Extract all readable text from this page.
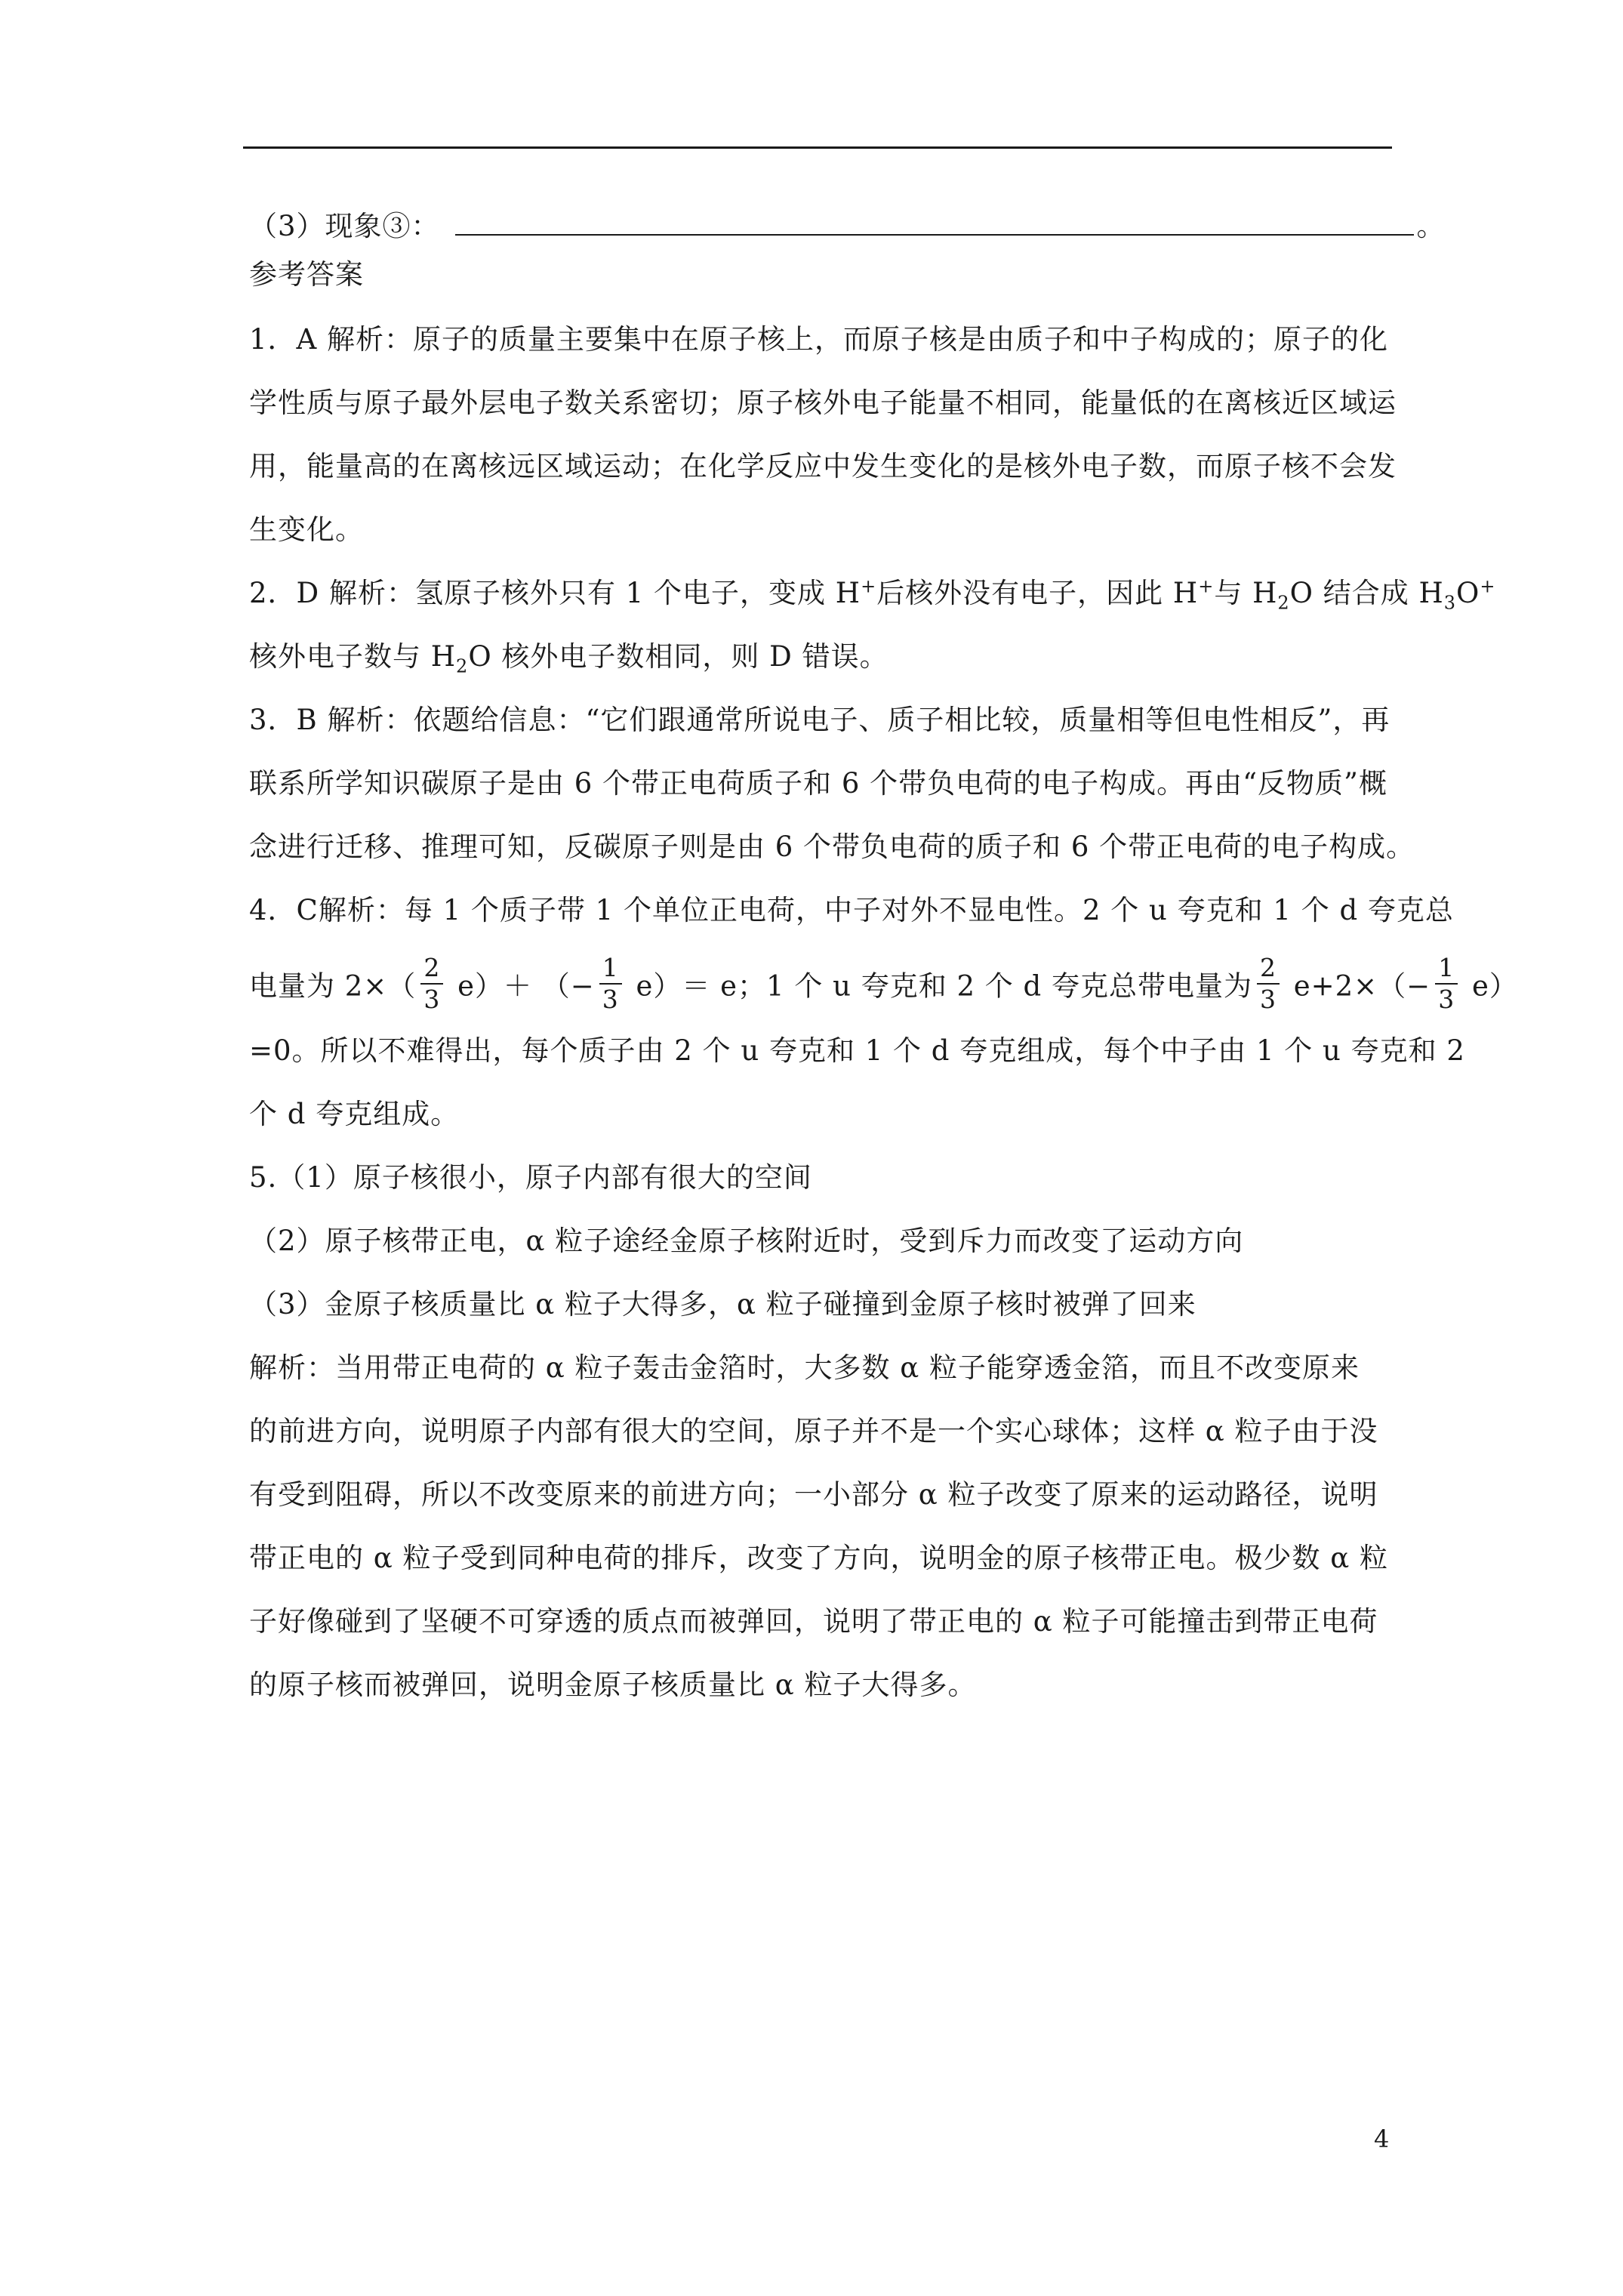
（3）现象③：	。
参考答案
1．A 解析：原子的质量主要集中在原子核上，而原子核是由质子和中子构成的；原子的化
学性质与原子最外层电子数关系密切；原子核外电子能量不相同，能量低的在离核近区域运
用，能量高的在离核远区域运动；在化学反应中发生变化的是核外电子数，而原子核不会发
生变化。
2．D 解析：氢原子核外只有 1 个电子，变成 H+后核外没有电子，因此 H+与 $H_2O$ 结合成 $H_3O^+$
核外电子数与 $H_2O$ 核外电子数相同，则 D 错误。
3．B 解析：依题给信息：“它们跟通常所说电子、质子相比较，质量相等但电性相反”，再
联系所学知识碳原子是由 6 个带正电荷质子和 6 个带负电荷的电子构成。再由“反物质”概
念进行迁移、推理可知，反碳原子则是由 6 个带负电荷的质子和 6 个带正电荷的电子构成。
4．C解析：每 1 个质子带 1 个单位正电荷，中子对外不显电性。2 个 u 夸克和 1 个 d 夸克总
电量为 $2\times( \frac{2}{3} e)+$ （− $\frac{1}{3} e)= e$；1 个 u 夸克和 2 个 d 夸克总带电量为 $\frac{2}{3} e+2\times(- \frac{1}{3} e)$
=0。所以不难得出，每个质子由 2 个 u 夸克和 1 个 d 夸克组成，每个中子由 1 个 u 夸克和 2
个 d 夸克组成。
5.（1）原子核很小，原子内部有很大的空间
（2）原子核带正电，α 粒子途经金原子核附近时，受到斥力而改变了运动方向
（3）金原子核质量比 α 粒子大得多，α 粒子碰撞到金原子核时被弹了回来
解析：当用带正电荷的 α 粒子轰击金箔时，大多数 α 粒子能穿透金箔，而且不改变原来
的前进方向，说明原子内部有很大的空间，原子并不是一个实心球体；这样 α 粒子由于没
有受到阻碍，所以不改变原来的前进方向；一小部分 α 粒子改变了原来的运动路径，说明
带正电的 α 粒子受到同种电荷的排斥，改变了方向，说明金的原子核带正电。极少数 α 粒
子好像碰到了坚硬不可穿透的质点而被弹回，说明了带正电的 α 粒子可能撞击到带正电荷
的原子核而被弹回，说明金原子核质量比 α 粒子大得多。
4
